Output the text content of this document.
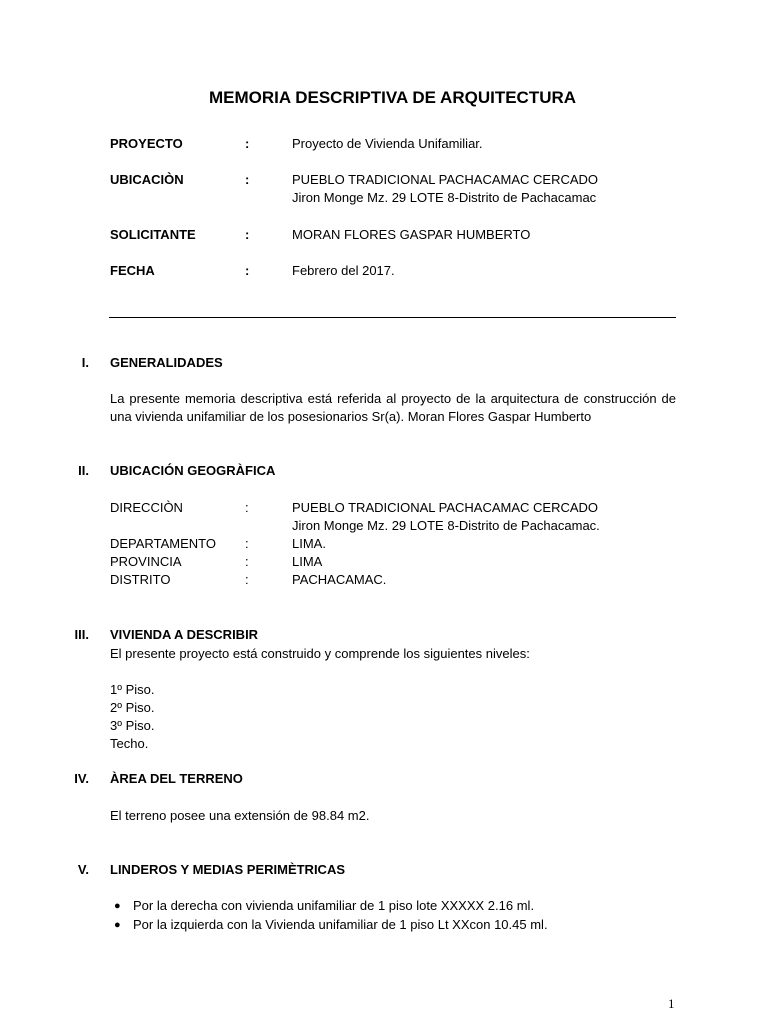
MEMORIA DESCRIPTIVA DE ARQUITECTURA
PROYECTO	:	Proyecto de Vivienda Unifamiliar.
UBICACIÒN	:	PUEBLO TRADICIONAL PACHACAMAC CERCADO
Jiron Monge Mz. 29 LOTE 8-Distrito de Pachacamac
SOLICITANTE	:	MORAN FLORES GASPAR HUMBERTO
FECHA	:	Febrero del 2017.
I. GENERALIDADES
La presente memoria descriptiva está referida al proyecto de la arquitectura de construcción de una vivienda unifamiliar de los posesionarios Sr(a). Moran Flores Gaspar Humberto
II. UBICACIÓN GEOGRÀFICA
DIRECCIÒN	:	PUEBLO TRADICIONAL PACHACAMAC CERCADO
Jiron Monge Mz. 29 LOTE 8-Distrito de Pachacamac.
DEPARTAMENTO :	LIMA.
PROVINCIA	:	LIMA
DISTRITO	:	PACHACAMAC.
III. VIVIENDA A DESCRIBIR
El presente proyecto está construido y comprende los siguientes niveles:
1º Piso.
2º Piso.
3º Piso.
Techo.
IV. ÀREA DEL TERRENO
El terreno posee una extensión de 98.84 m2.
V. LINDEROS Y MEDIAS PERIMÈTRICAS
● Por la derecha con vivienda unifamiliar de 1 piso lote XXXXX 2.16 ml.
● Por la izquierda con la Vivienda unifamiliar de 1 piso Lt XXcon 10.45 ml.
1
